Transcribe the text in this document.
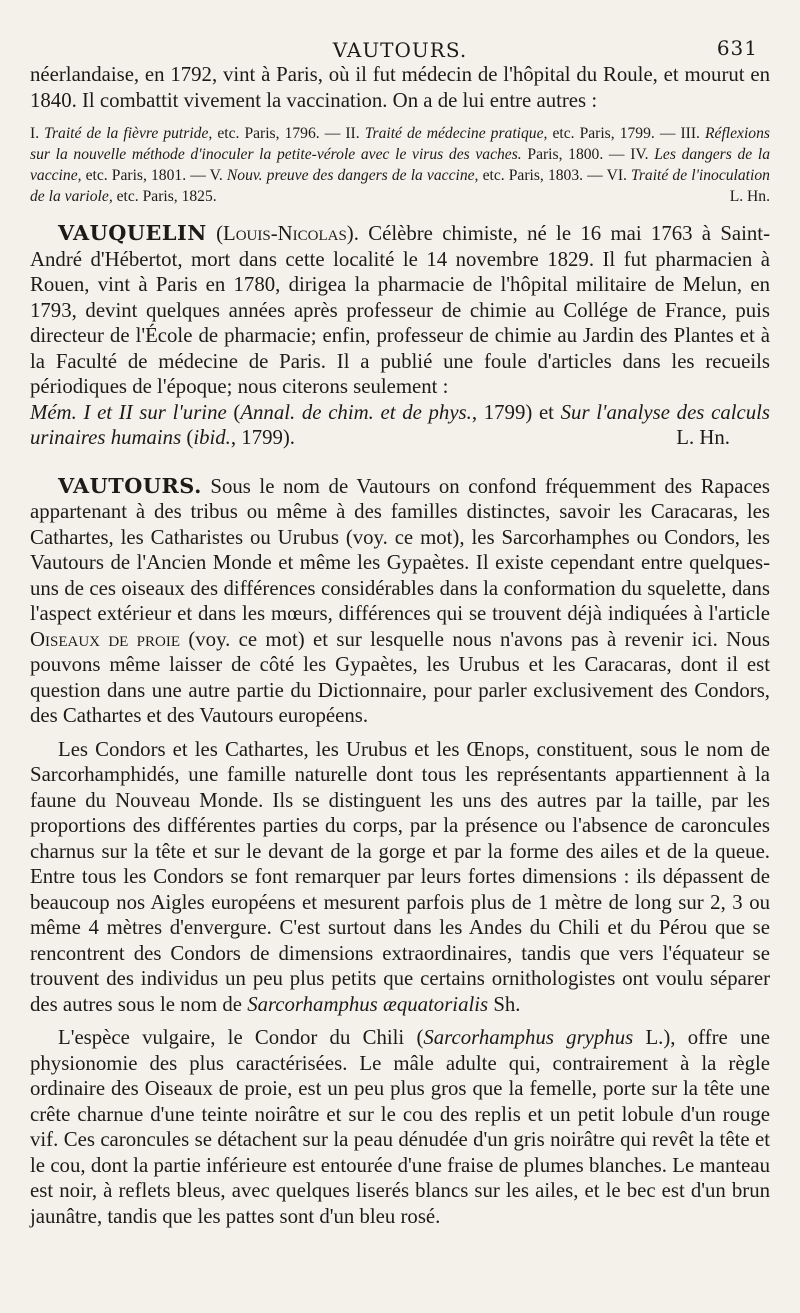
VAUTOURS.	631

néerlandaise, en 1792, vint à Paris, où il fut médecin de l'hôpital du Roule, et mourut en 1840. Il combattit vivement la vaccination. On a de lui entre autres :

I. Traité de la fièvre putride, etc. Paris, 1796. — II. Traité de médecine pratique, etc. Paris, 1799. — III. Réflexions sur la nouvelle méthode d'inoculer la petite-vérole avec le virus des vaches. Paris, 1800. — IV. Les dangers de la vaccine, etc. Paris, 1801. — V. Nouv. preuve des dangers de la vaccine, etc. Paris, 1803. — VI. Traité de l'inoculation de la variole, etc. Paris, 1825.	L. Hn.

VAUQUELIN (Louis-Nicolas). Célèbre chimiste, né le 16 mai 1763 à Saint-André d'Hébertot, mort dans cette localité le 14 novembre 1829. Il fut pharmacien à Rouen, vint à Paris en 1780, dirigea la pharmacie de l'hôpital militaire de Melun, en 1793, devint quelques années après professeur de chimie au Collége de France, puis directeur de l'École de pharmacie; enfin, professeur de chimie au Jardin des Plantes et à la Faculté de médecine de Paris. Il a publié une foule d'articles dans les recueils périodiques de l'époque; nous citerons seulement :

Mém. I et II sur l'urine (Annal. de chim. et de phys., 1799) et Sur l'analyse des calculs urinaires humains (ibid., 1799).	L. Hn.

VAUTOURS. Sous le nom de Vautours on confond fréquemment des Rapaces appartenant à des tribus ou même à des familles distinctes, savoir les Caracaras, les Cathartes, les Catharistes ou Urubus (voy. ce mot), les Sarcorhamphes ou Condors, les Vautours de l'Ancien Monde et même les Gypaètes. Il existe cependant entre quelques-uns de ces oiseaux des différences considérables dans la conformation du squelette, dans l'aspect extérieur et dans les mœurs, différences qui se trouvent déjà indiquées à l'article Oiseaux de proie (voy. ce mot) et sur lesquelle nous n'avons pas à revenir ici. Nous pouvons même laisser de côté les Gypaètes, les Urubus et les Caracaras, dont il est question dans une autre partie du Dictionnaire, pour parler exclusivement des Condors, des Cathartes et des Vautours européens.

Les Condors et les Cathartes, les Urubus et les Œnops, constituent, sous le nom de Sarcorhamphidés, une famille naturelle dont tous les représentants appartiennent à la faune du Nouveau Monde. Ils se distinguent les uns des autres par la taille, par les proportions des différentes parties du corps, par la présence ou l'absence de caroncules charnus sur la tête et sur le devant de la gorge et par la forme des ailes et de la queue. Entre tous les Condors se font remarquer par leurs fortes dimensions : ils dépassent de beaucoup nos Aigles européens et mesurent parfois plus de 1 mètre de long sur 2, 3 ou même 4 mètres d'envergure. C'est surtout dans les Andes du Chili et du Pérou que se rencontrent des Condors de dimensions extraordinaires, tandis que vers l'équateur se trouvent des individus un peu plus petits que certains ornithologistes ont voulu séparer des autres sous le nom de Sarcorhamphus æquatorialis Sh.

L'espèce vulgaire, le Condor du Chili (Sarcorhamphus gryphus L.), offre une physionomie des plus caractérisées. Le mâle adulte qui, contrairement à la règle ordinaire des Oiseaux de proie, est un peu plus gros que la femelle, porte sur la tête une crête charnue d'une teinte noirâtre et sur le cou des replis et un petit lobule d'un rouge vif. Ces caroncules se détachent sur la peau dénudée d'un gris noirâtre qui revêt la tête et le cou, dont la partie inférieure est entourée d'une fraise de plumes blanches. Le manteau est noir, à reflets bleus, avec quelques liserés blancs sur les ailes, et le bec est d'un brun jaunâtre, tandis que les pattes sont d'un bleu rosé.
